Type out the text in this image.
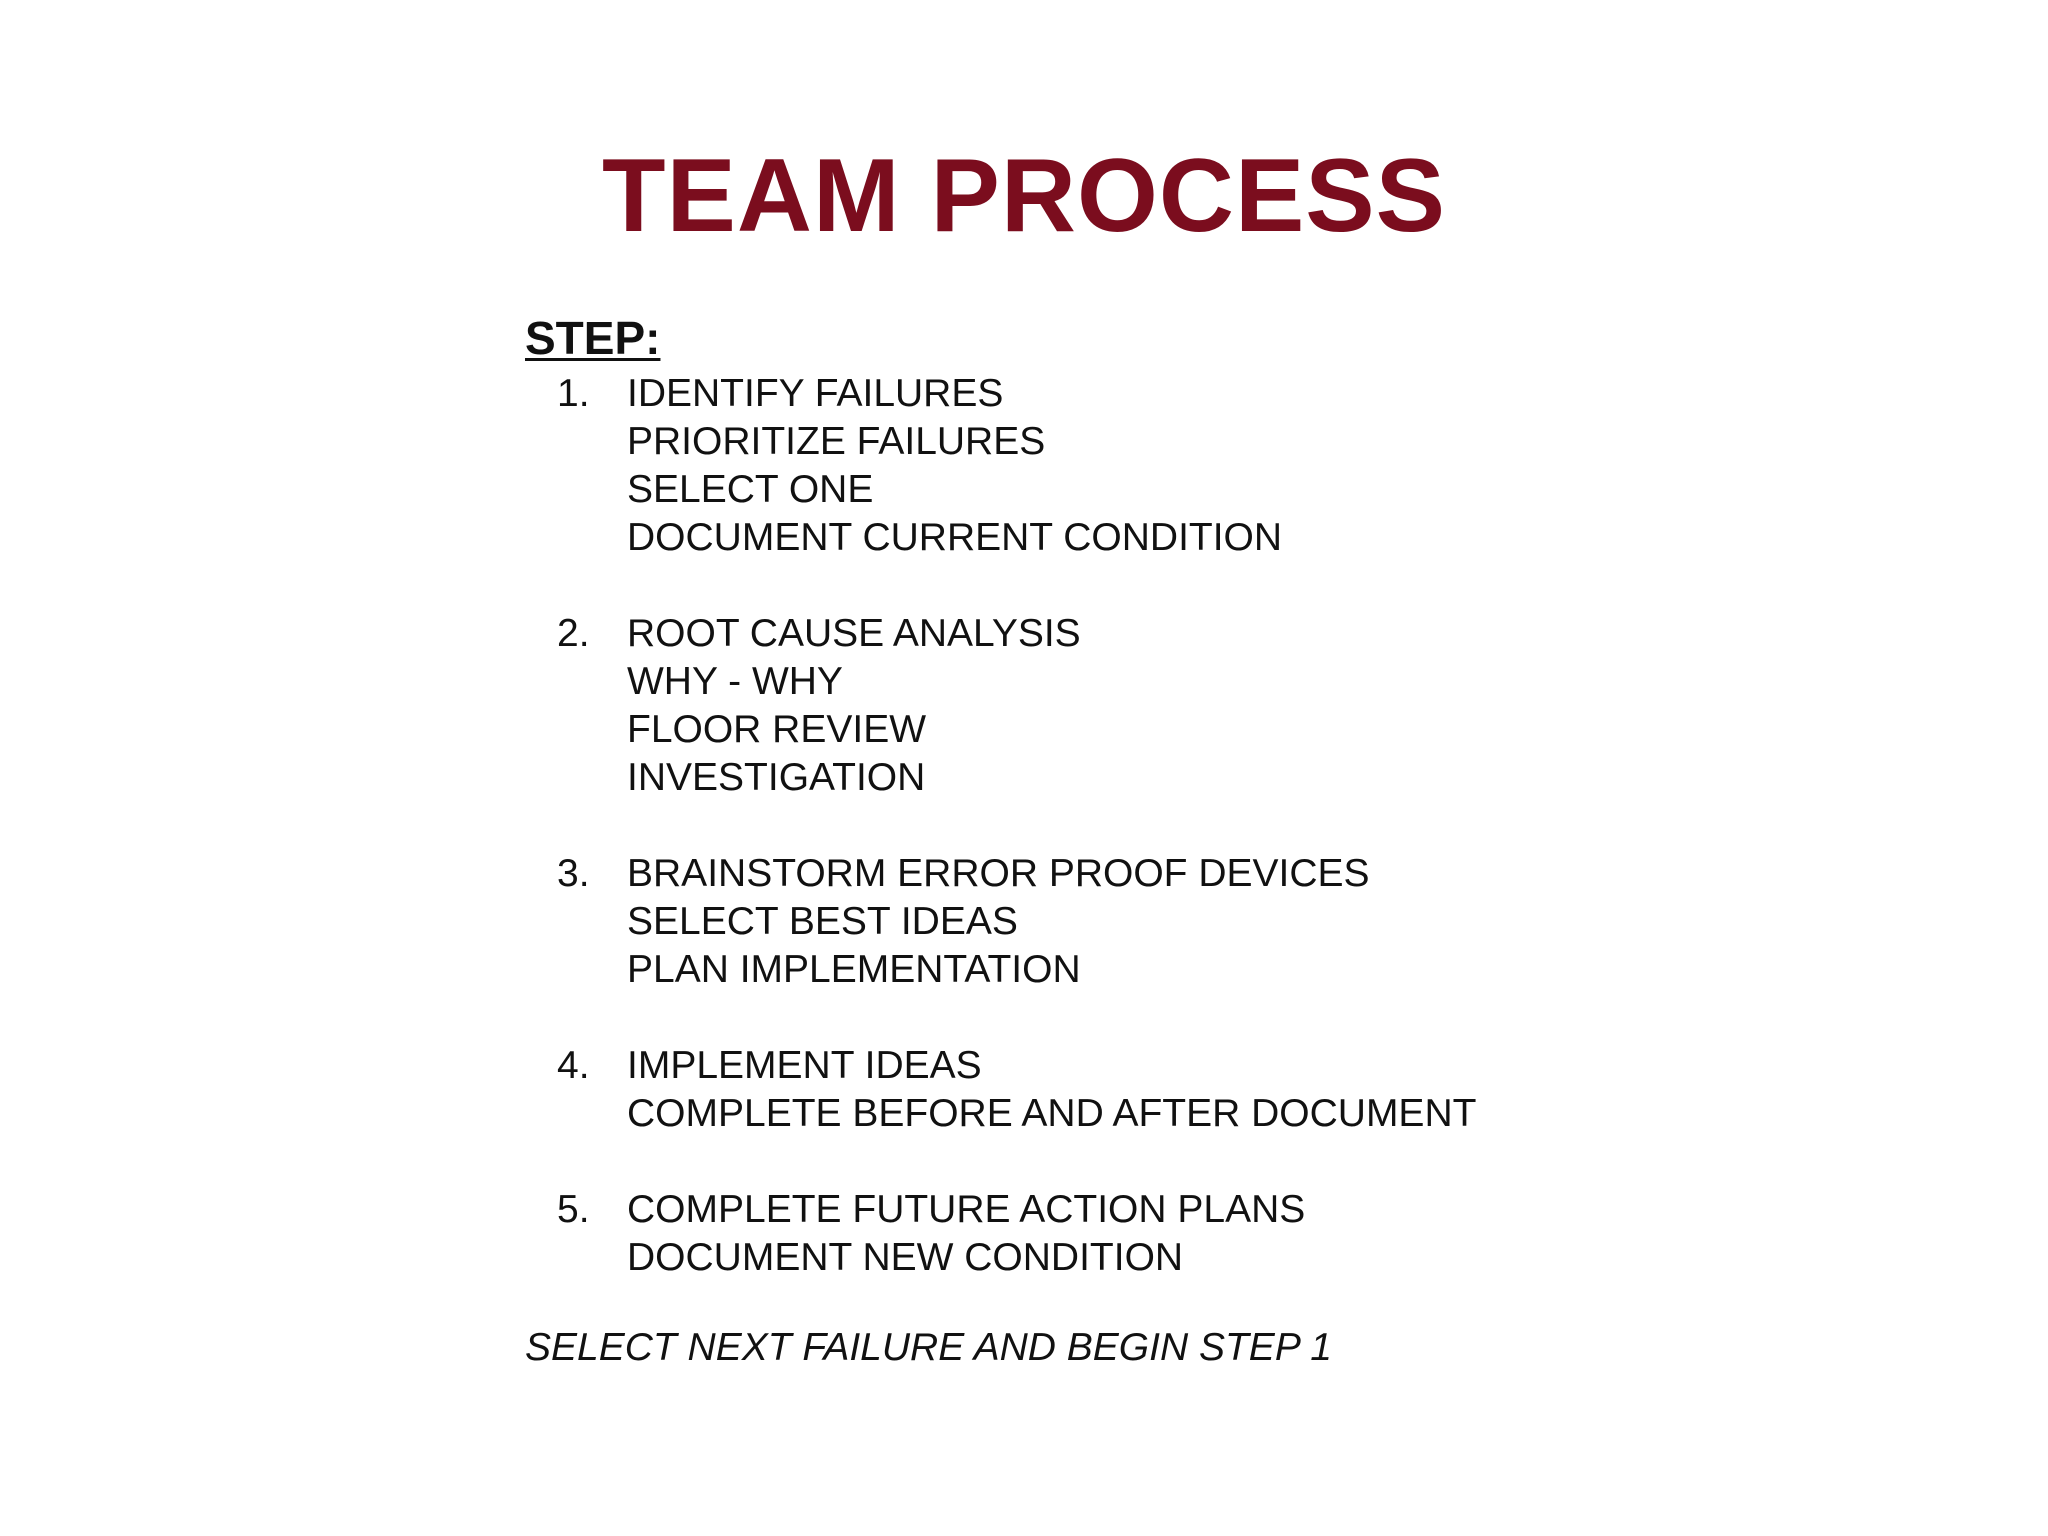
TEAM PROCESS
STEP:
1. IDENTIFY FAILURES
PRIORITIZE FAILURES
SELECT ONE
DOCUMENT CURRENT CONDITION
2. ROOT CAUSE ANALYSIS
WHY - WHY
FLOOR REVIEW
INVESTIGATION
3. BRAINSTORM ERROR PROOF DEVICES
SELECT BEST IDEAS
PLAN IMPLEMENTATION
4. IMPLEMENT IDEAS
COMPLETE BEFORE AND AFTER DOCUMENT
5. COMPLETE FUTURE ACTION PLANS
DOCUMENT NEW CONDITION
SELECT NEXT FAILURE AND BEGIN STEP 1
